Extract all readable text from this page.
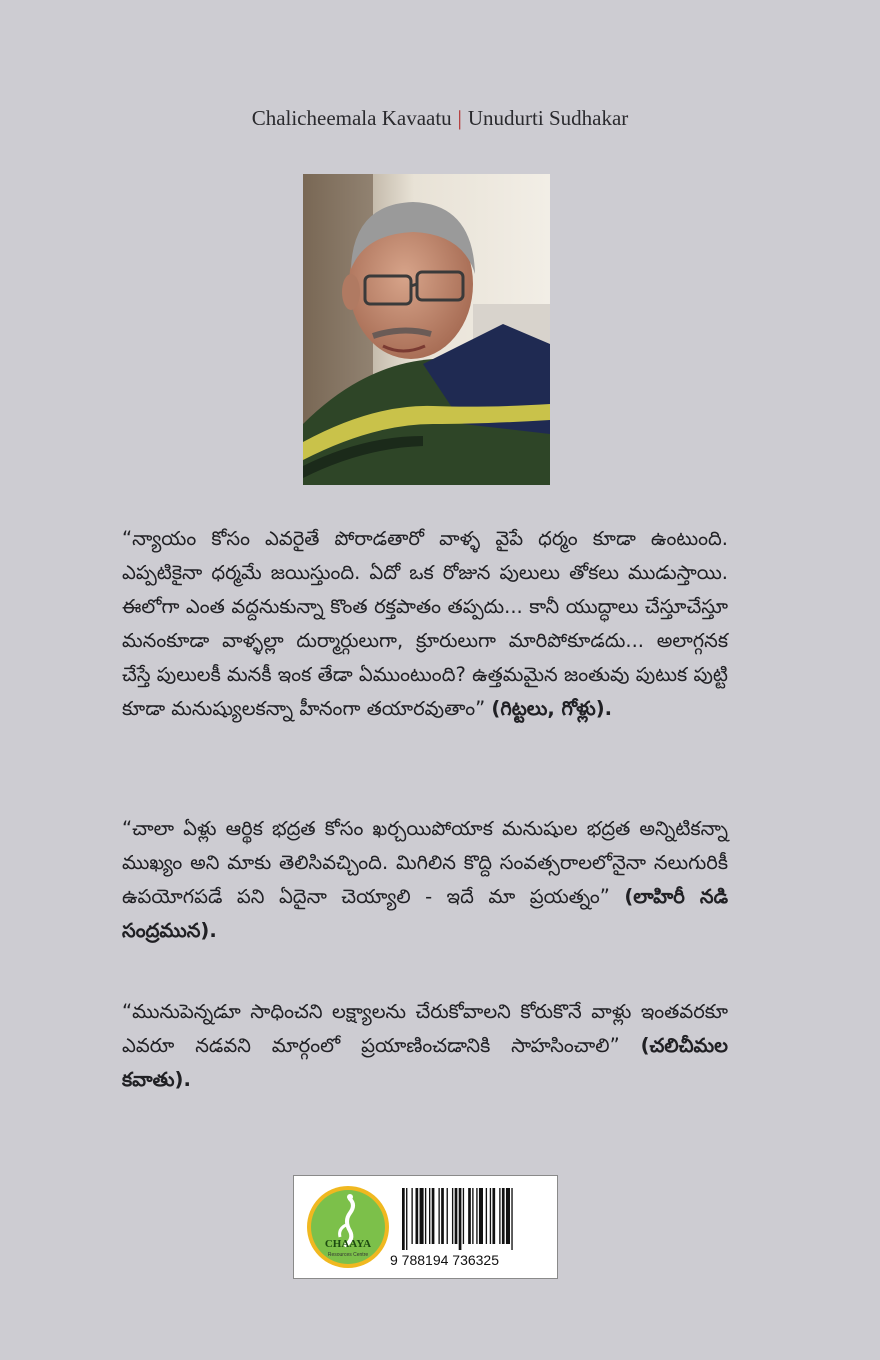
Chalicheemala Kavaatu | Unudurti Sudhakar
“న్యాయం కోసం ఎవరైతే పోరాడతారో వాళ్ళ వైపే ధర్మం కూడా ఉంటుంది. ఎప్పటికైనా ధర్మమే జయిస్తుంది. ఏదో ఒక రోజున పులులు తోకలు ముడుస్తాయి. ఈలోగా ఎంత వద్దనుకున్నా కొంత రక్తపాతం తప్పదు... కానీ యుద్ధాలు చేస్తూచేస్తూ మనంకూడా వాళ్ళల్లా దుర్మార్గులుగా, క్రూరులుగా మారిపోకూడదు... అలాగ్గనక చేస్తే పులులకీ మనకీ ఇంక తేడా ఏముంటుంది? ఉత్తమమైన జంతువు పుటుక పుట్టి కూడా మనుష్యులకన్నా హీనంగా తయారవుతాం” (గిట్టలు, గోళ్లు).
“చాలా ఏళ్లు ఆర్థిక భద్రత కోసం ఖర్చయిపోయాక మనుషుల భద్రత అన్నిటికన్నా ముఖ్యం అని మాకు తెలిసివచ్చింది. మిగిలిన కొద్ది సంవత్సరాలలోనైనా నలుగురికీ ఉపయోగపడే పని ఏదైనా చెయ్యాలి - ఇదే మా ప్రయత్నం” (లాహిరీ నడి సంద్రమున).
“మునుపెన్నడూ సాధించని లక్ష్యాలను చేరుకోవాలని కోరుకొనే వాళ్లు ఇంతవరకూ ఎవరూ నడవని మార్గంలో ప్రయాణించడానికి సాహసించాలి” (చలిచీమల కవాతు).
CHAAYA
Resources Centre	9 788194 736325
